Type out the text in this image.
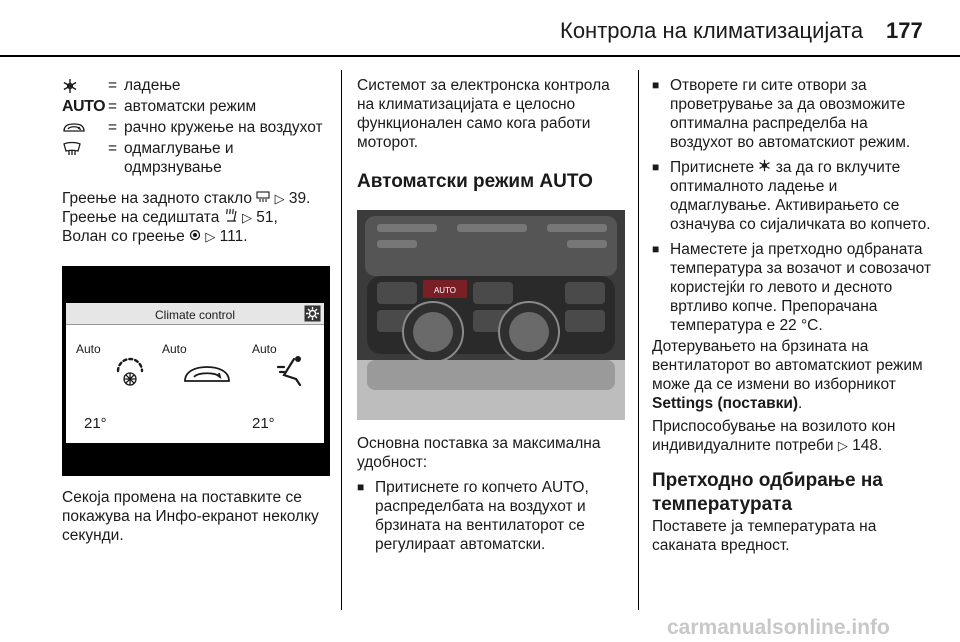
Контрола на климатизацијата 177
= ладење
AUTO = автоматски режим
= рачно кружење на воздухот
= одмаглување и одмрзнување
Греење на задното стакло ▷ 39.
Греење на седиштата ▷ 51,
Волан со греење ▷ 111.
Climate control
Auto	Auto	Auto
21°	21°
Секоја промена на поставките се покажува на Инфо-екранот неколку секунди.
Системот за електронска контрола на климатизацијата е целосно функционален само кога работи моторот.
Автоматски режим AUTO
AUTO
Основна поставка за максимална удобност:
■ Притиснете го копчето AUTO, распределбата на воздухот и брзината на вентилаторот се регулираат автоматски.
■ Отворете ги сите отвори за проветрување за да овозможите оптимална распределба на воздухот во автоматскиот режим.
■ Притиснете за да го вклучите оптималното ладење и одмаглување. Активирањето се означува со сијаличката во копчето.
■ Наместете ја претходно одбраната температура за возачот и совозачот користејќи го левото и десното вртливо копче. Препорачана температура е 22 °C.
Дотерувањето на брзината на вентилаторот во автоматскиот режим може да се измени во изборникот Settings (поставки).
Приспособување на возилото кон индивидуалните потреби ▷ 148.
Претходно одбирање на температурата
Поставете ја температурата на саканата вредност.
carmanualsonline.info
